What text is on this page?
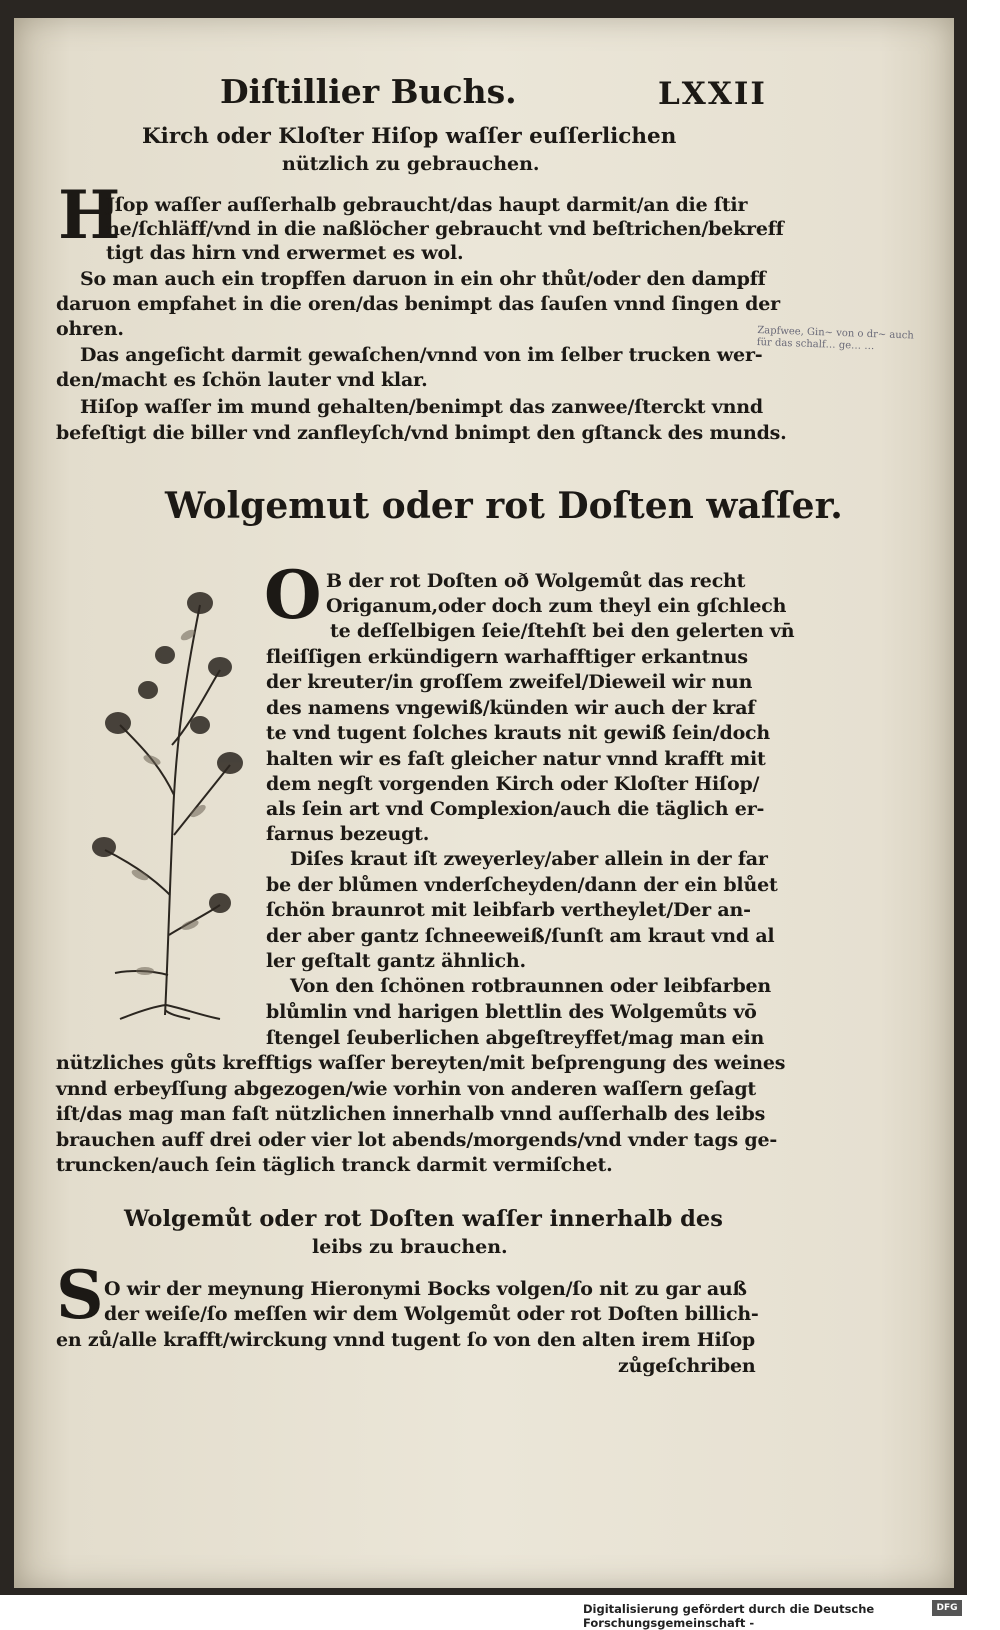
Diſtillier Buchs.	LXXII
Kirch oder Kloſter Hiſop waſſer euſſerlichen
nützlich zu gebrauchen.
H
Jſop waſſer auſſerhalb gebraucht/das haupt darmit/an die ſtir
ne/ſchläff/vnd in die naßlöcher gebraucht vnd beſtrichen/bekreff
tigt das hirn vnd erwermet es wol.
So man auch ein tropffen daruon in ein ohr thůt/oder den dampff
daruon empfahet in die oren/das benimpt das ſauſen vnnd ſingen der
ohren.
Das angeſicht darmit gewaſchen/vnnd von im ſelber trucken wer-
den/macht es ſchön lauter vnd klar.
Hiſop waſſer im mund gehalten/benimpt das zanwee/ſterckt vnnd
befeſtigt die biller vnd zanfleyſch/vnd bnimpt den gſtanck des munds.
Zapfwee, Gin~ von o dr~ auch für das schalf… ge… …
Wolgemut oder rot Doſten waſſer.
O B der rot Doſten oð Wolgemůt das recht
Origanum,oder doch zum theyl ein gſchlech
te deſſelbigen ſeie/ſtehſt bei den gelerten vn̄
fleiſſigen erkündigern warhafftiger erkantnus
der kreuter/in groſſem zweifel/Dieweil wir nun
des namens vngewiß/künden wir auch der kraf
te vnd tugent ſolches krauts nit gewiß ſein/doch
halten wir es faſt gleicher natur vnnd krafft mit
dem negſt vorgenden Kirch oder Kloſter Hiſop/
als ſein art vnd Complexion/auch die täglich er-
farnus bezeugt.
Diſes kraut iſt zweyerley/aber allein in der far
be der blůmen vnderſcheyden/dann der ein blůet
ſchön braunrot mit leibfarb vertheylet/Der an-
der aber gantz ſchneeweiß/ſunſt am kraut vnd al
ler geſtalt gantz ähnlich.
Von den ſchönen rotbraunnen oder leibfarben
blůmlin vnd harigen blettlin des Wolgemůts vō
ſtengel ſeuberlichen abgeſtreyffet/mag man ein
nützliches gůts krefftigs waſſer bereyten/mit beſprengung des weines
vnnd erbeyſſung abgezogen/wie vorhin von anderen waſſern geſagt
iſt/das mag man faſt nützlichen innerhalb vnnd auſſerhalb des leibs
brauchen auff drei oder vier lot abends/morgends/vnd vnder tags ge-
truncken/auch ſein täglich tranck darmit vermiſchet.
Wolgemůt oder rot Doſten waſſer innerhalb des
leibs zu brauchen.
S O wir der meynung Hieronymi Bocks volgen/ſo nit zu gar auß
der weiſe/ſo meſſen wir dem Wolgemůt oder rot Doſten billich-
en zů/alle krafft/wirckung vnnd tugent ſo von den alten irem Hiſop
zůgeſchriben
Digitalisierung gefördert durch die Deutsche Forschungsgemeinschaft -
DFG
